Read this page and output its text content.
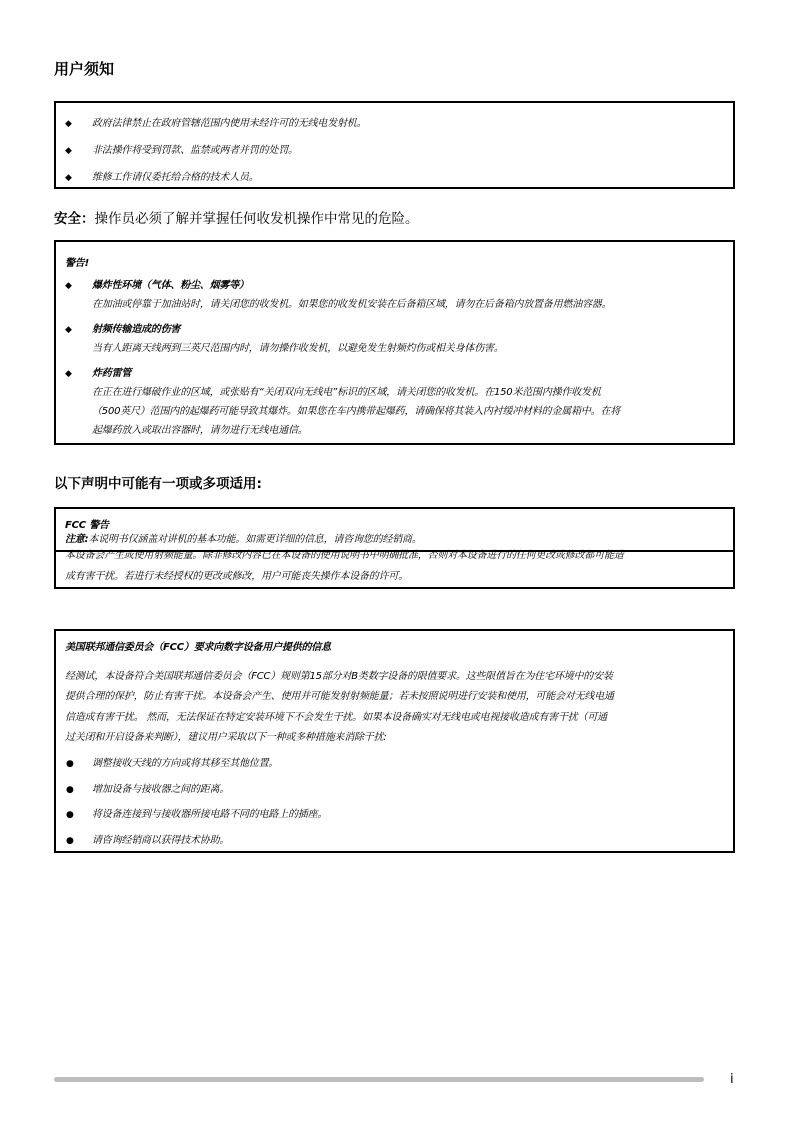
用户须知
◆ 政府法律禁止在政府管辖范围内使用未经许可的无线电发射机。
◆ 非法操作将受到罚款、监禁或两者并罚的处罚。
◆ 维修工作请仅委托给合格的技术人员。
安全：操作员必须了解并掌握任何收发机操作中常见的危险。
警告!
◆ 爆炸性环境（气体、粉尘、烟雾等）
在加油或停靠于加油站时，请关闭您的收发机。如果您的收发机安装在后备箱区域，请勿在后备箱内放置备用燃油容器。
◆ 射频传输造成的伤害
当有人距离天线两到三英尺范围内时，请勿操作收发机，以避免发生射频灼伤或相关身体伤害。
◆ 炸药雷管
在正在进行爆破作业的区域，或张贴有“关闭双向无线电”标识的区域，请关闭您的收发机。在150米范围内操作收发机
（500英尺）范围内的起爆药可能导致其爆炸。如果您在车内携带起爆药，请确保将其装入内衬缓冲材料的金属箱中。在将
起爆药放入或取出容器时，请勿进行无线电通信。
以下声明中可能有一项或多项适用:
FCC 警告
注意:本说明书仅涵盖对讲机的基本功能。如需更详细的信息，请咨询您的经销商。
本设备会产生或使用射频能量。除非修改内容已在本设备的使用说明书中明确批准，否则对本设备进行的任何更改或修改都可能造
成有害干扰。若进行未经授权的更改或修改，用户可能丧失操作本设备的许可。
美国联邦通信委员会（FCC）要求向数字设备用户提供的信息
经测试，本设备符合美国联邦通信委员会（FCC）规则第15部分对B类数字设备的限值要求。这些限值旨在为住宅环境中的安装
提供合理的保护，防止有害干扰。本设备会产生、使用并可能发射射频能量；若未按照说明进行安装和使用，可能会对无线电通
信造成有害干扰。 然而，无法保证在特定安装环境下不会发生干扰。如果本设备确实对无线电或电视接收造成有害干扰（可通
过关闭和开启设备来判断），建议用户采取以下一种或多种措施来消除干扰:
● 调整接收天线的方向或将其移至其他位置。
● 增加设备与接收器之间的距离。
● 将设备连接到与接收器所接电路不同的电路上的插座。
● 请咨询经销商以获得技术协助。
i
